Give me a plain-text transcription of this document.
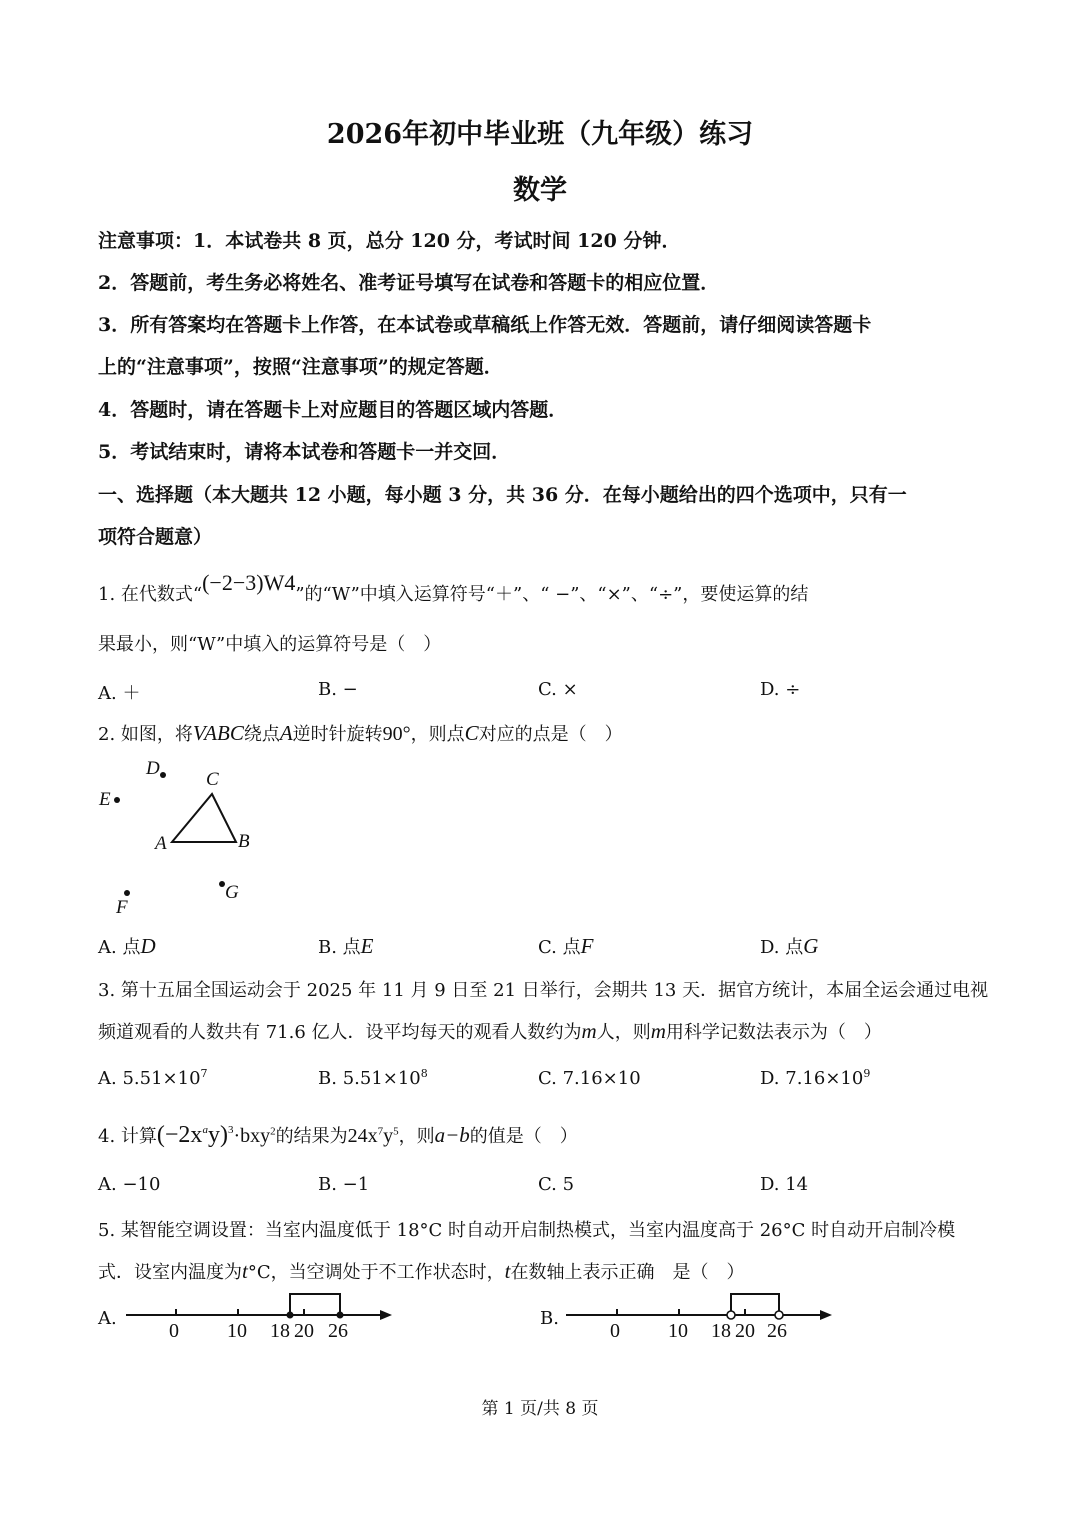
2026年初中毕业班（九年级）练习
数学
注意事项：1．本试卷共 8 页，总分 120 分，考试时间 120 分钟．
2．答题前，考生务必将姓名、准考证号填写在试卷和答题卡的相应位置．
3．所有答案均在答题卡上作答，在本试卷或草稿纸上作答无效．答题前，请仔细阅读答题卡
上的“注意事项”，按照“注意事项”的规定答题．
4．答题时，请在答题卡上对应题目的答题区域内答题．
5．考试结束时，请将本试卷和答题卡一并交回．
一、选择题（本大题共 12 小题，每小题 3 分，共 36 分．在每小题给出的四个选项中，只有一
项符合题意）
1. 在代数式“(−2−3)W4”的“W”中填入运算符号“＋”、“ −”、“×”、“÷”，要使运算的结
果最小，则“W”中填入的运算符号是（　）
A. ＋	B. −	C. ×	D. ÷
2. 如图，将VABC绕点A逆时针旋转90°，则点C对应的点是（　）
D
C
E
A	B
G
F
A. 点D	B. 点E	C. 点F	D. 点G
3. 第十五届全国运动会于 2025 年 11 月 9 日至 21 日举行，会期共 13 天．据官方统计，本届全运会通过电视
频道观看的人数共有 71.6 亿人．设平均每天的观看人数约为m人，则m用科学记数法表示为（　）
A. $5.51\times 10^7$	B. $5.51\times 10^8$	C. 7.16×10	D. $7.16\times 10^9$
4. 计算$(-2x^ay)^3\cdot bxy^2$的结果为$24x^7y^5$，则a−b的值是（　）
A. −10	B. −1	C. 5	D. 14
5. 某智能空调设置：当室内温度低于 18°C 时自动开启制热模式，当室内温度高于 26°C 时自动开启制冷模
式．设室内温度为t°C，当空调处于不工作状态时，t在数轴上表示正确　是（　）
A.	B.
0 10 18 20 26	0 10 18 20 26
第 1 页/共 8 页
